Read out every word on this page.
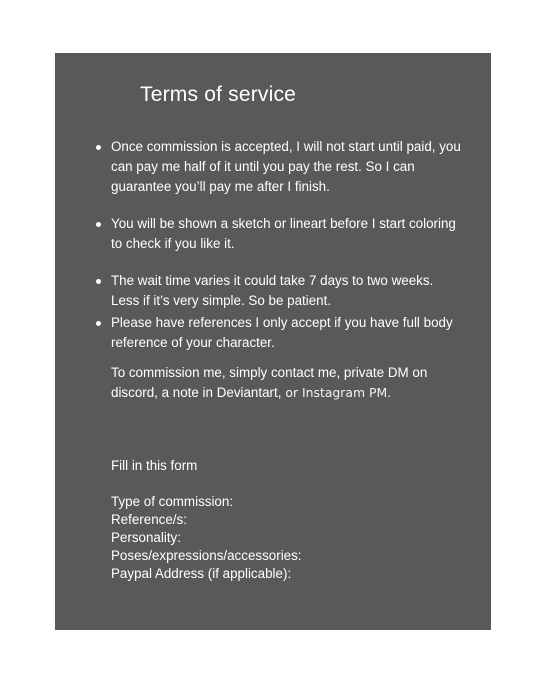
Terms of service
Once commission is accepted, I will not start until paid, you can pay me half of it until you pay the rest. So I can guarantee you’ll pay me after I finish.
You will be shown a sketch or lineart before I start coloring to check if you like it.
The wait time varies it could take 7 days to two weeks. Less if it’s very simple. So be patient.
Please have references I only accept if you have full body reference of your character.

To commission me, simply contact me, private DM on discord, a note in Deviantart, or Instagram PM.

Fill in this form

Type of commission:
Reference/s:
Personality:
Poses/expressions/accessories:
Paypal Address (if applicable):
